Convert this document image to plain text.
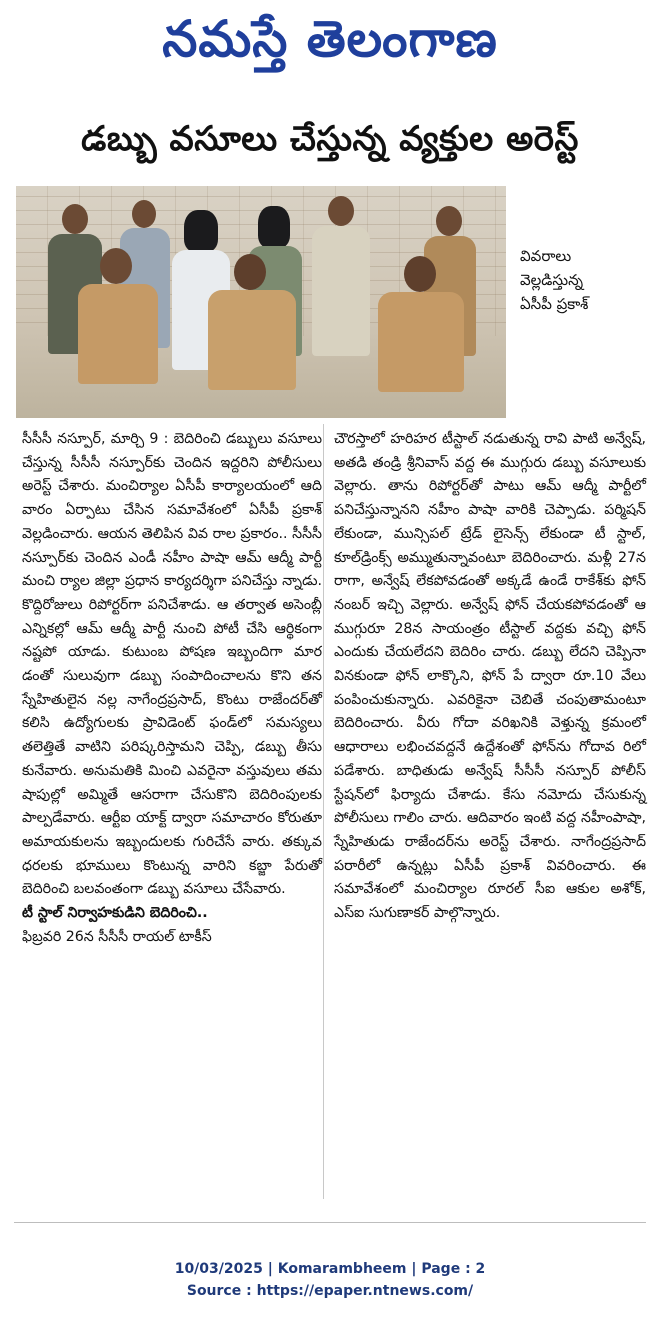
నమస్తే తెలంగాణ
డబ్బు వసూలు చేస్తున్న వ్యక్తుల అరెస్ట్
వివరాలు
వెల్లడిస్తున్న
ఏసీపీ ప్రకాశ్

సీసీసీ నస్పూర్, మార్చి 9 : బెదిరించి డబ్బులు వసూలు చేస్తున్న సీసీసీ నస్పూర్‌కు చెందిన ఇద్దరిని పోలీసులు అరెస్ట్ చేశారు. మంచిర్యాల ఏసీపీ కార్యాలయంలో ఆది వారం ఏర్పాటు చేసిన సమావేశంలో ఏసీపీ ప్రకాశ్ వెల్లడించారు. ఆయన తెలిపిన వివ రాల ప్రకారం.. సీసీసీ నస్పూర్‌కు చెందిన ఎండీ నహీం పాషా ఆమ్ ఆద్మీ పార్టీ మంచి ర్యాల జిల్లా ప్రధాన కార్యదర్శిగా పనిచేస్తు న్నాడు. కొద్దిరోజులు రిపోర్టర్‌గా పనిచేశాడు. ఆ తర్వాత అసెంబ్లీ ఎన్నికల్లో ఆమ్ ఆద్మీ పార్టీ నుంచి పోటీ చేసి ఆర్థికంగా నష్టపో యాడు. కుటుంబ పోషణ ఇబ్బందిగా మార డంతో సులువుగా డబ్బు సంపాదించాలను కొని తన స్నేహితులైన నల్ల నాగేంద్రప్రసాద్, కొంటు రాజేందర్‌తో కలిసి ఉద్యోగులకు ప్రావిడెంట్ ఫండ్‌లో సమస్యలు తలెత్తితే వాటిని పరిష్కరిస్తామని చెప్పి, డబ్బు తీసు కునేవారు. అనుమతికి మించి ఎవరైనా వస్తువులు తమ షాపుల్లో అమ్మితే ఆసరాగా చేసుకొని బెదిరింపులకు పాల్పడేవారు. ఆర్టీఐ యాక్ట్ ద్వారా సమాచారం కోరుతూ అమాయకులను ఇబ్బందులకు గురిచేసే వారు. తక్కువ ధరలకు భూములు కొంటున్న వారిని కబ్జా పేరుతో బెదిరించి బలవంతంగా డబ్బు వసూలు చేసేవారు.

టీ స్టాల్ నిర్వాహకుడిని బెదిరించి..

ఫిబ్రవరి 26న సీసీసీ రాయల్ టాకీస్

చౌరస్తాలో హరిహర టీస్టాల్ నడుతున్న రావి పాటి అన్వేష్, అతడి తండ్రి శ్రీనివాస్ వద్ద ఈ ముగ్గురు డబ్బు వసూలుకు వెల్లారు. తాను రిపోర్టర్‌తో పాటు ఆమ్ ఆద్మీ పార్టీలో పనిచేస్తున్నానని నహీం పాషా వారికి చెప్పాడు. పర్మిషన్ లేకుండా, మున్సిపల్ ట్రేడ్ లైసెన్స్ లేకుండా టీ స్టాల్, కూల్‌డ్రింక్స్ అమ్ముతున్నావంటూ బెదిరించారు. మళ్లీ 27న రాగా, అన్వేష్ లేకపోవడంతో అక్కడే ఉండే రాకేశ్‌కు ఫోన్ నంబర్ ఇచ్చి వెల్లారు. అన్వేష్ ఫోన్ చేయకపోవడంతో ఆ ముగ్గురూ 28న సాయంత్రం టీస్టాల్ వద్దకు వచ్చి ఫోన్ ఎందుకు చేయలేదని బెదిరిం చారు. డబ్బు లేదని చెప్పినా వినకుండా ఫోన్ లాక్కొని, ఫోన్ పే ద్వారా రూ.10 వేలు పంపించుకున్నారు. ఎవరికైనా చెబితే చంపుతామంటూ బెదిరించారు. వీరు గోదా వరిఖనికి వెళ్తున్న క్రమంలో ఆధారాలు లభించవద్దనే ఉద్దేశంతో ఫోన్‌ను గోదావ రిలో పడేశారు. బాధితుడు అన్వేష్ సీసీసీ నస్పూర్ పోలీస్ స్టేషన్‌లో ఫిర్యాదు చేశాడు. కేసు నమోదు చేసుకున్న పోలీసులు గాలిం చారు. ఆదివారం ఇంటి వద్ద నహీంపాషా, స్నేహితుడు రాజేందర్‌ను అరెస్ట్ చేశారు. నాగేంద్రప్రసాద్ పరారీలో ఉన్నట్లు ఏసీపీ ప్రకాశ్ వివరించారు. ఈ సమావేశంలో మంచిర్యాల రూరల్ సీఐ ఆకుల అశోక్, ఎస్ఐ సుగుణాకర్ పాల్గొన్నారు.

10/03/2025 | Komarambheem | Page : 2
Source : https://epaper.ntnews.com/
